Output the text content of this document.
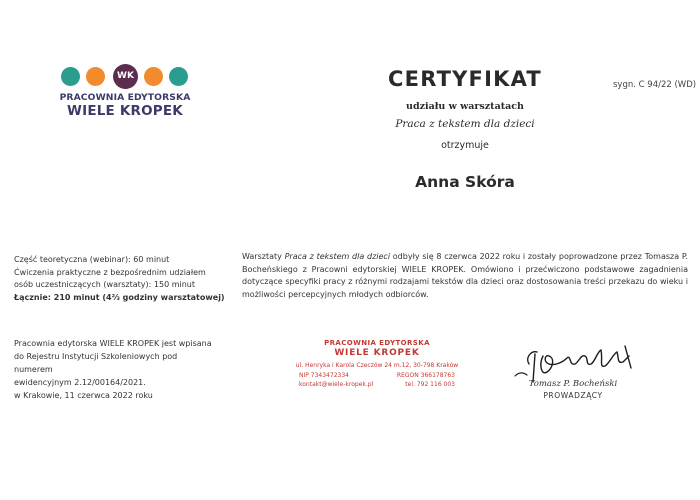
WK
PRACOWNIA EDYTORSKA
WIELE KROPEK
CERTYFIKAT	sygn. C 94/22 (WD)
udziału w warsztatach
Praca z tekstem dla dzieci
otrzymuje
Anna Skóra
Część teoretyczna (webinar): 60 minut
Ćwiczenia praktyczne z bezpośrednim udziałem
osób uczestniczących (warsztaty): 150 minut
Łącznie: 210 minut (4⅔ godziny warsztatowej)
Warsztaty Praca z tekstem dla dzieci odbyły się 8 czerwca 2022 roku i zostały poprowadzone przez Tomasza P. Bocheńskiego z Pracowni edytorskiej WIELE KROPEK. Omówiono i przećwiczono podstawowe zagadnienia dotyczące specyfiki pracy z różnymi rodzajami tekstów dla dzieci oraz dostosowania treści przekazu do wieku i możliwości percepcyjnych młodych odbiorców.
Pracownia edytorska WIELE KROPEK jest wpisana
do Rejestru Instytucji Szkoleniowych pod numerem
ewidencyjnym 2.12/00164/2021.
w Krakowie, 11 czerwca 2022 roku
PRACOWNIA EDYTORSKA
WIELE KROPEK
ul. Henryka i Karola Czeczów 24 m.12, 30-798 Kraków
NIP 7343472334	REGON 366178763
kontakt@wiele-kropek.pl	tel. 792 116 003	Tomasz P. Bocheński
PROWADZĄCY
